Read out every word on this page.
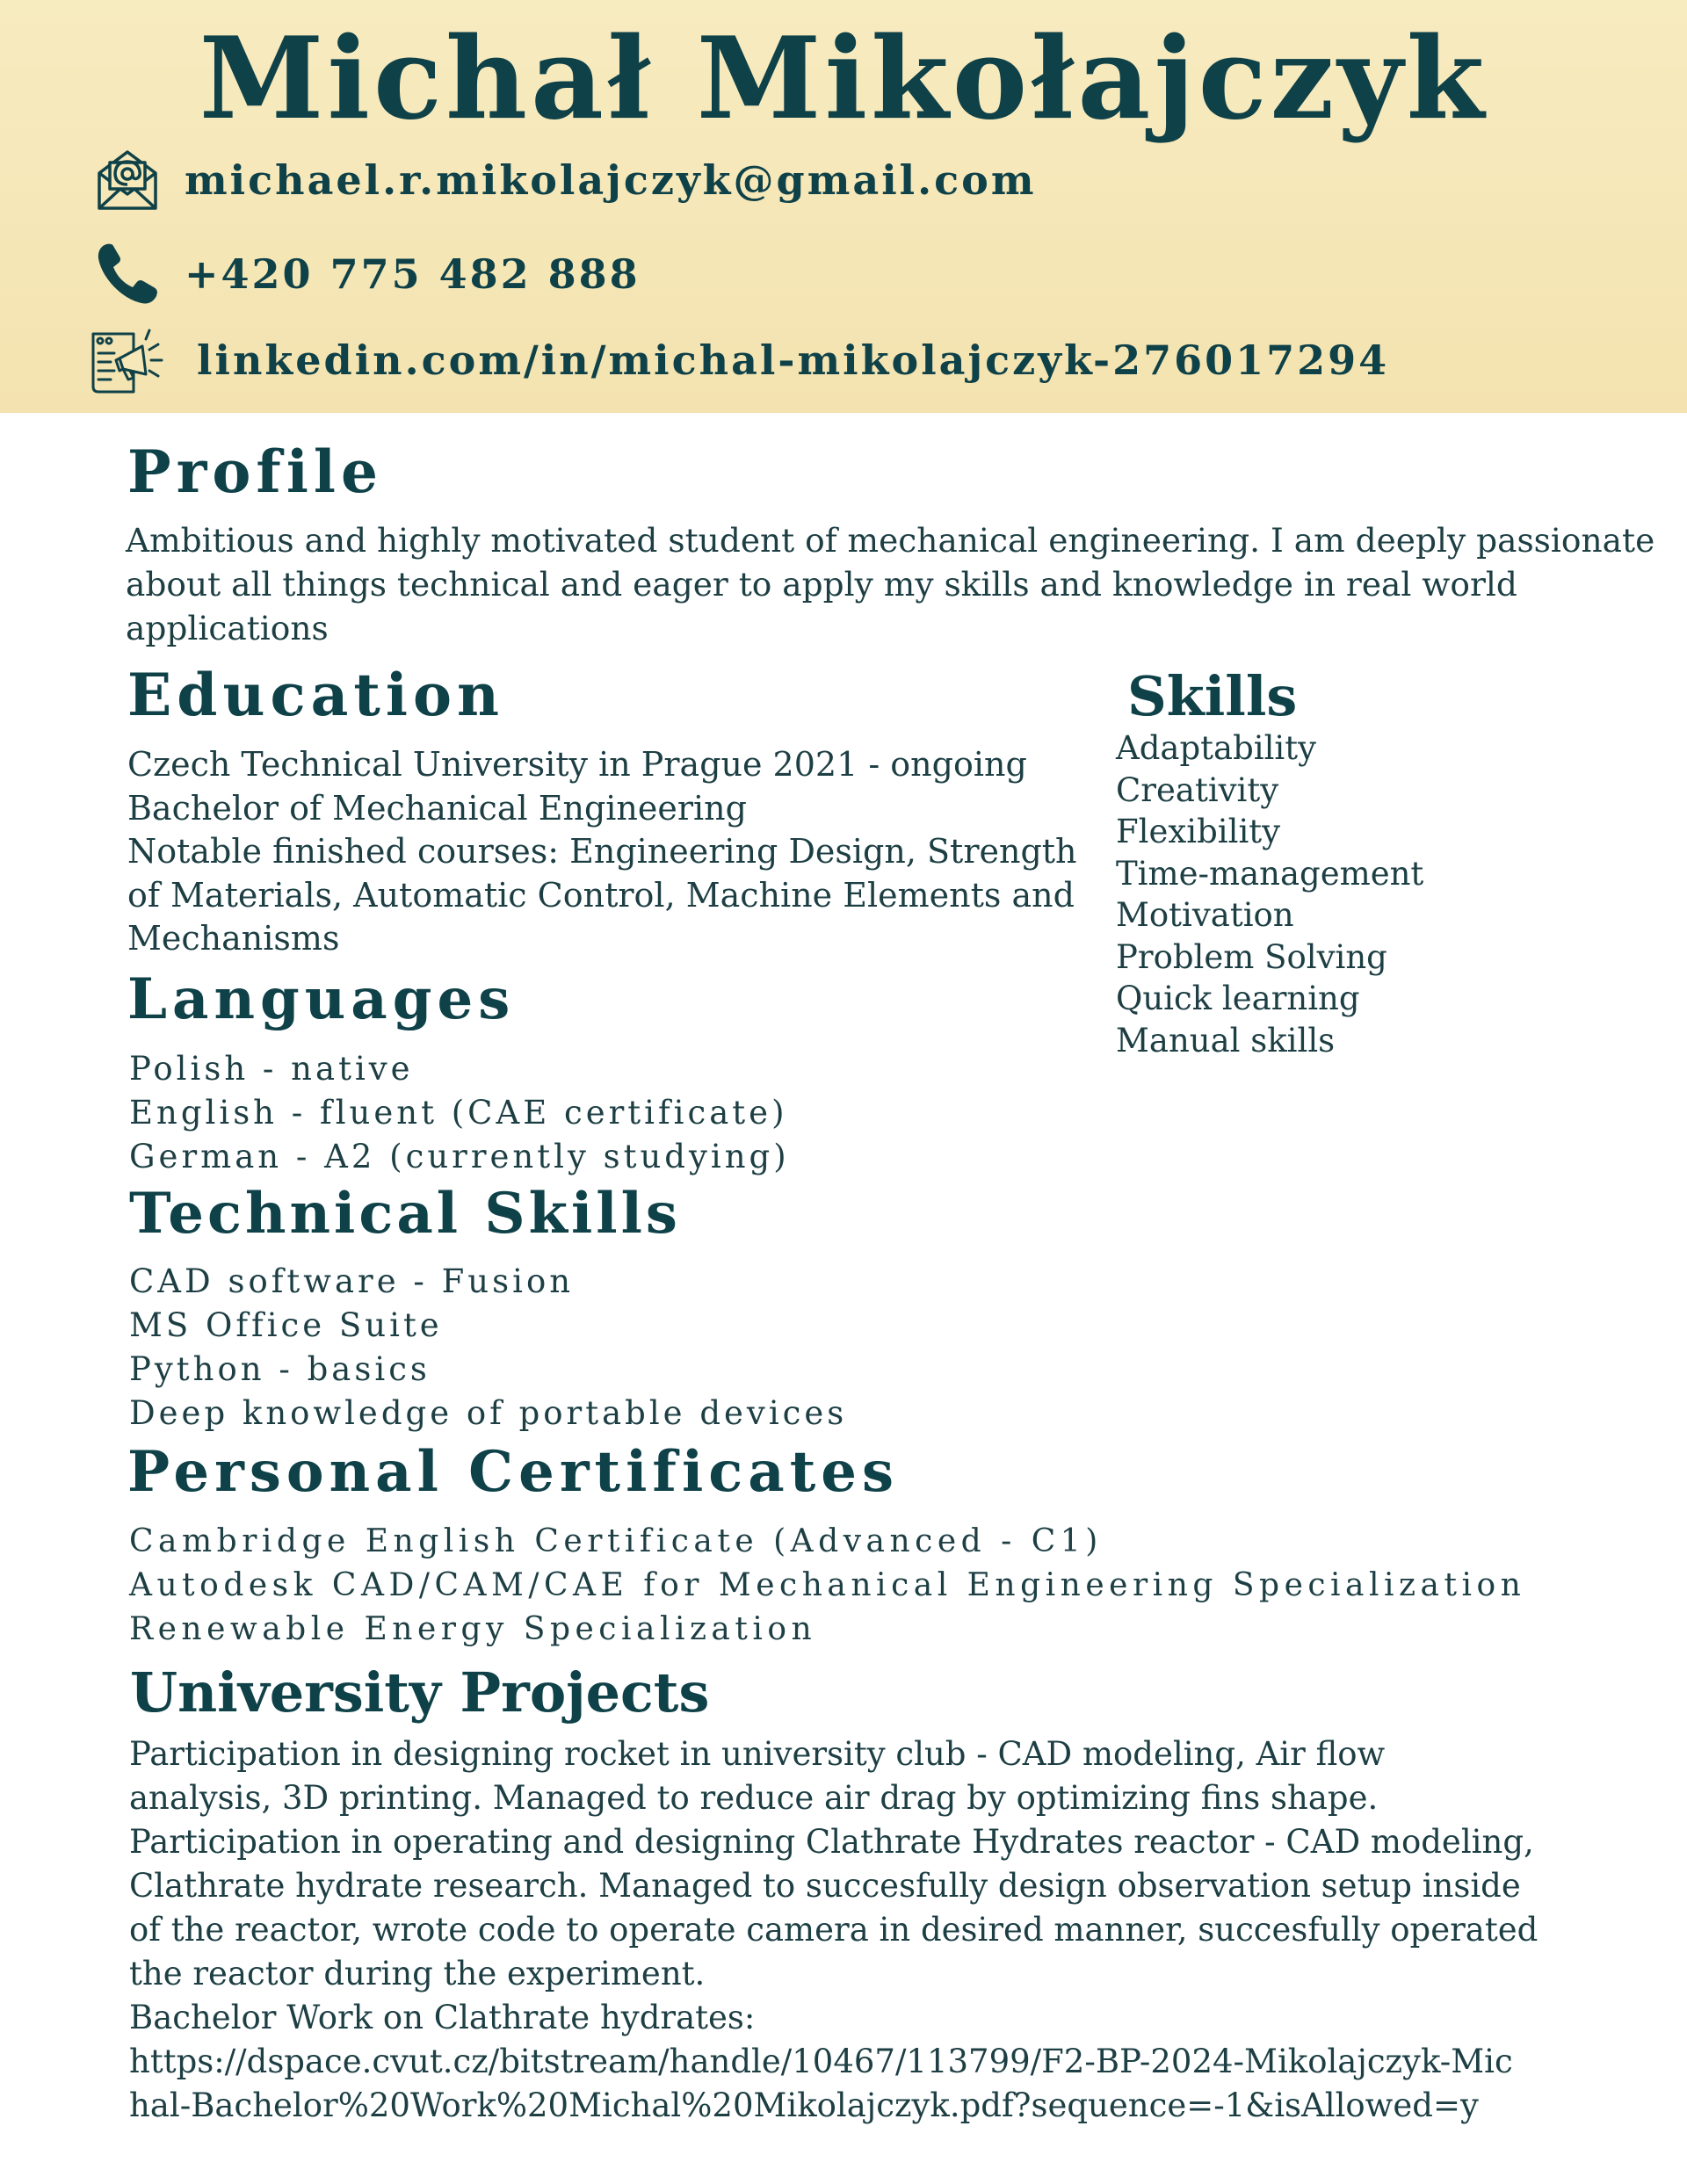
Michał Mikołajczyk
michael.r.mikolajczyk@gmail.com
+420 775 482 888
linkedin.com/in/michal-mikolajczyk-276017294
Profile
Ambitious and highly motivated student of mechanical engineering. I am deeply passionate
about all things technical and eager to apply my skills and knowledge in real world
applications
Education
Czech Technical University in Prague 2021 - ongoing
Bachelor of Mechanical Engineering
Notable finished courses: Engineering Design, Strength
of Materials, Automatic Control, Machine Elements and
Mechanisms
Skills
Adaptability
Creativity
Flexibility
Time-management
Motivation
Problem Solving
Quick learning
Manual skills
Languages
Polish - native
English - fluent (CAE certificate)
German - A2 (currently studying)
Technical Skills
CAD software - Fusion
MS Office Suite
Python - basics
Deep knowledge of portable devices
Personal Certificates
Cambridge English Certificate (Advanced - C1)
Autodesk CAD/CAM/CAE for Mechanical Engineering Specialization
Renewable Energy Specialization
University Projects
Participation in designing rocket in university club - CAD modeling, Air flow
analysis, 3D printing. Managed to reduce air drag by optimizing fins shape.
Participation in operating and designing Clathrate Hydrates reactor - CAD modeling,
Clathrate hydrate research. Managed to succesfully design observation setup inside
of the reactor, wrote code to operate camera in desired manner, succesfully operated
the reactor during the experiment.
Bachelor Work on Clathrate hydrates:
https://dspace.cvut.cz/bitstream/handle/10467/113799/F2-BP-2024-Mikolajczyk-Mic
hal-Bachelor%20Work%20Michal%20Mikolajczyk.pdf?sequence=-1&isAllowed=y
